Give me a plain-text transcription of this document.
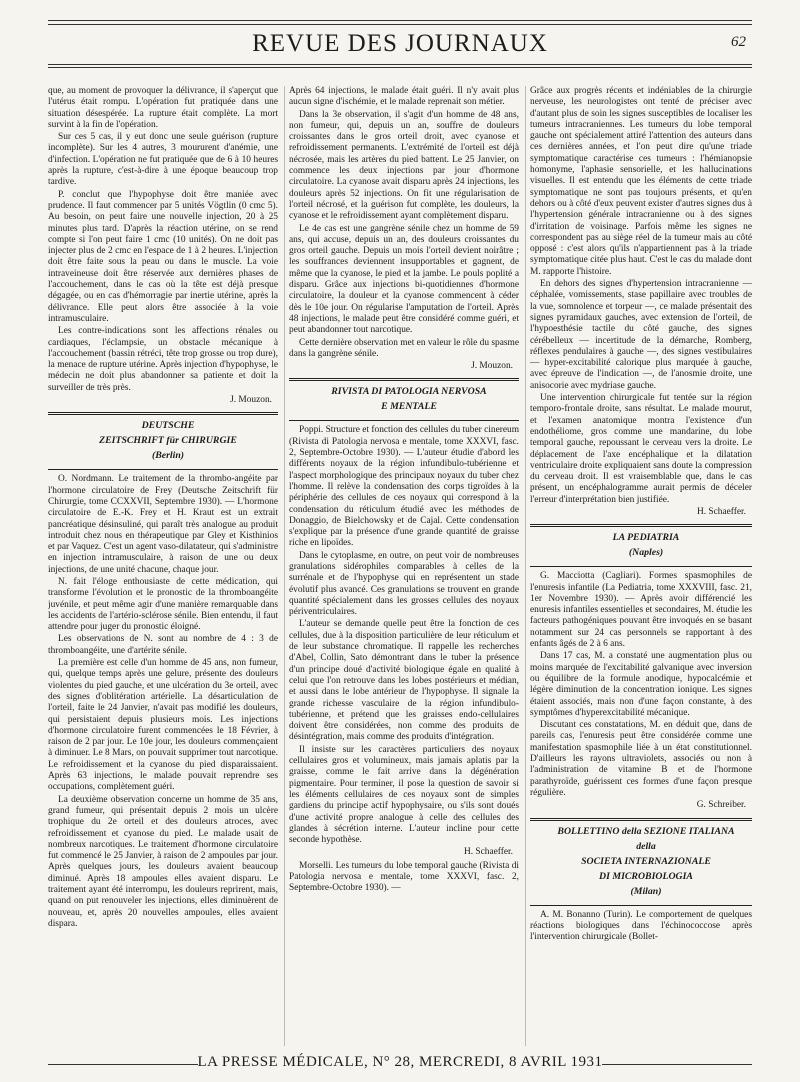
REVUE DES JOURNAUX	62

que, au moment de provoquer la délivrance, il s'aperçut que l'utérus était rompu. L'opération fut pratiquée dans une situation désespérée. La rupture était complète. La mort survint à la fin de l'opération.

Sur ces 5 cas, il y eut donc une seule guérison (rupture incomplète). Sur les 4 autres, 3 moururent d'anémie, une d'infection. L'opération ne fut pratiquée que de 6 à 10 heures après la rupture, c'est-à-dire à une époque beaucoup trop tardive.

P. conclut que l'hypophyse doit être maniée avec prudence. Il faut commencer par 5 unités Vögtlin (0 cmc 5). Au besoin, on peut faire une nouvelle injection, 20 à 25 minutes plus tard. D'après la réaction utérine, on se rend compte si l'on peut faire 1 cmc (10 unités). On ne doit pas injecter plus de 2 cmc en l'espace de 1 à 2 heures. L'injection doit être faite sous la peau ou dans le muscle. La voie intraveineuse doit être réservée aux dernières phases de l'accouchement, dans le cas où la tête est déjà presque dégagée, ou en cas d'hémorragie par inertie utérine, après la délivrance. Elle peut alors être associée à la voie intramusculaire.

Les contre-indications sont les affections rénales ou cardiaques, l'éclampsie, un obstacle mécanique à l'accouchement (bassin rétréci, tête trop grosse ou trop dure), la menace de rupture utérine. Après injection d'hypophyse, le médecin ne doit plus abandonner sa patiente et doit la surveiller de très près.

J. Mouzon.

DEUTSCHE

ZEITSCHRIFT für CHIRURGIE

(Berlin)

O. Nordmann. Le traitement de la thrombo-angéite par l'hormone circulatoire de Frey (Deutsche Zeitschrift für Chirurgie, tome CCXXVII, Septembre 1930). — L'hormone circulatoire de E.-K. Frey et H. Kraut est un extrait pancréatique désinsuliné, qui paraît très analogue au produit introduit chez nous en thérapeutique par Gley et Kisthinios et par Vaquez. C'est un agent vaso-dilatateur, qui s'administre en injection intramusculaire, à raison de une ou deux injections, de une unité chacune, chaque jour.

N. fait l'éloge enthousiaste de cette médication, qui transforme l'évolution et le pronostic de la thromboangéite juvénile, et peut même agir d'une manière remarquable dans les accidents de l'artério-sclérose sénile. Bien entendu, il faut attendre pour juger du pronostic éloigné.

Les observations de N. sont au nombre de 4 : 3 de thromboangéite, une d'artérite sénile.

La première est celle d'un homme de 45 ans, non fumeur, qui, quelque temps après une gelure, présente des douleurs violentes du pied gauche, et une ulcération du 3e orteil, avec des signes d'oblitération artérielle. La désarticulation de l'orteil, faite le 24 Janvier, n'avait pas modifié les douleurs, qui persistaient depuis plusieurs mois. Les injections d'hormone circulatoire furent commencées le 18 Février, à raison de 2 par jour. Le 10e jour, les douleurs commençaient à diminuer. Le 8 Mars, on pouvait supprimer tout narcotique. Le refroidissement et la cyanose du pied disparaissaient. Après 63 injections, le malade pouvait reprendre ses occupations, complètement guéri.

La deuxième observation concerne un homme de 35 ans, grand fumeur, qui présentait depuis 2 mois un ulcère trophique du 2e orteil et des douleurs atroces, avec refroidissement et cyanose du pied. Le malade usait de nombreux narcotiques. Le traitement d'hormone circulatoire fut commencé le 25 Janvier, à raison de 2 ampoules par jour. Après quelques jours, les douleurs avaient beaucoup diminué. Après 18 ampoules elles avaient disparu. Le traitement ayant été interrompu, les douleurs reprirent, mais, quand on put renouveler les injections, elles diminuèrent de nouveau, et, après 20 nouvelles ampoules, elles avaient dispara.

Après 64 injections, le malade était guéri. Il n'y avait plus aucun signe d'ischémie, et le malade reprenait son métier.

Dans la 3e observation, il s'agit d'un homme de 48 ans, non fumeur, qui, depuis un an, souffre de douleurs croissantes dans le gros orteil droit, avec cyanose et refroidissement permanents. L'extrémité de l'orteil est déjà nécrosée, mais les artères du pied battent. Le 25 Janvier, on commence les deux injections par jour d'hormone circulatoire. La cyanose avait disparu après 24 injections, les douleurs après 52 injections. On fit une régularisation de l'orteil nécrosé, et la guérison fut complète, les douleurs, la cyanose et le refroidissement ayant complètement disparu.

Le 4e cas est une gangrène sénile chez un homme de 59 ans, qui accuse, depuis un an, des douleurs croissantes du gros orteil gauche. Depuis un mois l'orteil devient noirâtre ; les souffrances deviennent insupportables et gagnent, de même que la cyanose, le pied et la jambe. Le pouls poplité a disparu. Grâce aux injections bi-quotidiennes d'hormone circulatoire, la douleur et la cyanose commencent à céder dès le 10e jour. On régularise l'amputation de l'orteil. Après 48 injections, le malade peut être considéré comme guéri, et peut abandonner tout narcotique.

Cette dernière observation met en valeur le rôle du spasme dans la gangrène sénile.

J. Mouzon.

RIVISTA DI PATOLOGIA NERVOSA

E MENTALE

Poppi. Structure et fonction des cellules du tuber cinereum (Rivista di Patologia nervosa e mentale, tome XXXVI, fasc. 2, Septembre-Octobre 1930). — L'auteur étudie d'abord les différents noyaux de la région infundibulo-tubérienne et l'aspect morphologique des principaux noyaux du tuber chez l'homme. Il relève la condensation des corps tigroïdes à la périphérie des cellules de ces noyaux qui correspond à la condensation du réticulum étudié avec les méthodes de Donaggio, de Bielchowsky et de Cajal. Cette condensation s'explique par la présence d'une grande quantité de graisse riche en lipoïdes.

Dans le cytoplasme, en outre, on peut voir de nombreuses granulations sidérophiles comparables à celles de la surrénale et de l'hypophyse qui en représentent un stade évolutif plus avancé. Ces granulations se trouvent en grande quantité spécialement dans les grosses cellules des noyaux périventriculaires.

L'auteur se demande quelle peut être la fonction de ces cellules, due à la disposition particulière de leur réticulum et de leur substance chromatique. Il rappelle les recherches d'Abel, Collin, Sato démontrant dans le tuber la présence d'un principe doué d'activité biologique égale en qualité à celui que l'on retrouve dans les lobes postérieurs et médian, et aussi dans le lobe antérieur de l'hypophyse. Il signale la grande richesse vasculaire de la région infundibulo-tubérienne, et prétend que les graisses endo-cellulaires doivent être considérées, non comme des produits de désintégration, mais comme des produits d'intégration.

Il insiste sur les caractères particuliers des noyaux cellulaires gros et volumineux, mais jamais aplatis par la graisse, comme le fait arrive dans la dégénération pigmentaire. Pour terminer, il pose la question de savoir si les éléments cellulaires de ces noyaux sont de simples gardiens du principe actif hypophysaire, ou s'ils sont doués d'une activité propre analogue à celle des cellules des glandes à sécrétion interne. L'auteur incline pour cette seconde hypothèse.

H. Schaeffer.

Morselli. Les tumeurs du lobe temporal gauche (Rivista di Patologia nervosa e mentale, tome XXXVI, fasc. 2, Septembre-Octobre 1930). —

Grâce aux progrès récents et indéniables de la chirurgie nerveuse, les neurologistes ont tenté de préciser avec d'autant plus de soin les signes susceptibles de localiser les tumeurs intracraniennes. Les tumeurs du lobe temporal gauche ont spécialement attiré l'attention des auteurs dans ces dernières années, et l'on peut dire qu'une triade symptomatique caractérise ces tumeurs : l'hémianopsie homonyme, l'aphasie sensorielle, et les hallucinations visuelles. Il est entendu que les éléments de cette triade symptomatique ne sont pas toujours présents, et qu'en dehors ou à côté d'eux peuvent exister d'autres signes dus à l'hypertension générale intracranienne ou à des signes d'irritation de voisinage. Parfois même les signes ne correspondent pas au siège réel de la tumeur mais au côté opposé : c'est alors qu'ils n'appartiennent pas à la triade symptomatique citée plus haut. C'est le cas du malade dont M. rapporte l'histoire.

En dehors des signes d'hypertension intracranienne — céphalée, vomissements, stase papillaire avec troubles de la vue, somnolence et torpeur —, ce malade présentait des signes pyramidaux gauches, avec extension de l'orteil, de l'hypoesthésie tactile du côté gauche, des signes cérébelleux — incertitude de la démarche, Romberg, réflexes pendulaires à gauche —, des signes vestibulaires — hyper-excitabilité calorique plus marquée à gauche, avec épreuve de l'indication —, de l'anosmie droite, une anisocorie avec mydriase gauche.

Une intervention chirurgicale fut tentée sur la région temporo-frontale droite, sans résultat. Le malade mourut, et l'examen anatomique montra l'existence d'un endothéliome, gros comme une mandarine, du lobe temporal gauche, repoussant le cerveau vers la droite. Le déplacement de l'axe encéphalique et la dilatation ventriculaire droite expliquaient sans doute la compression du cerveau droit. Il est vraisemblable que, dans le cas présent, un encéphalogramme aurait permis de déceler l'erreur d'interprétation bien justifiée.

H. Schaeffer.

LA PEDIATRIA

(Naples)

G. Macciotta (Cagliari). Formes spasmophiles de l'enuresis infantile (La Pediatria, tome XXXVIII, fasc. 21, 1er Novembre 1930). — Après avoir différencié les enuresis infantiles essentielles et secondaires, M. étudie les facteurs pathogéniques pouvant être invoqués en se basant notamment sur 24 cas personnels se rapportant à des enfants âgés de 2 à 6 ans.

Dans 17 cas, M. a constaté une augmentation plus ou moins marquée de l'excitabilité galvanique avec inversion ou équilibre de la formule anodique, hypocalcémie et légère diminution de la concentration ionique. Les signes étaient associés, mais non d'une façon constante, à des symptômes d'hyperexcitabilité mécanique.

Discutant ces constatations, M. en déduit que, dans de pareils cas, l'enuresis peut être considérée comme une manifestation spasmophile liée à un état constitutionnel. D'ailleurs les rayons ultraviolets, associés ou non à l'administration de vitamine B et de l'hormone parathyroïde, guérissent ces formes d'une façon presque régulière.

G. Schreiber.

BOLLETTINO della SEZIONE ITALIANA

della

SOCIETA INTERNAZIONALE

DI MICROBIOLOGIA

(Milan)

A. M. Bonanno (Turin). Le comportement de quelques réactions biologiques dans l'échinococcose après l'intervention chirurgicale (Bollet-

LA PRESSE MÉDICALE, N° 28, MERCREDI, 8 AVRIL 1931
